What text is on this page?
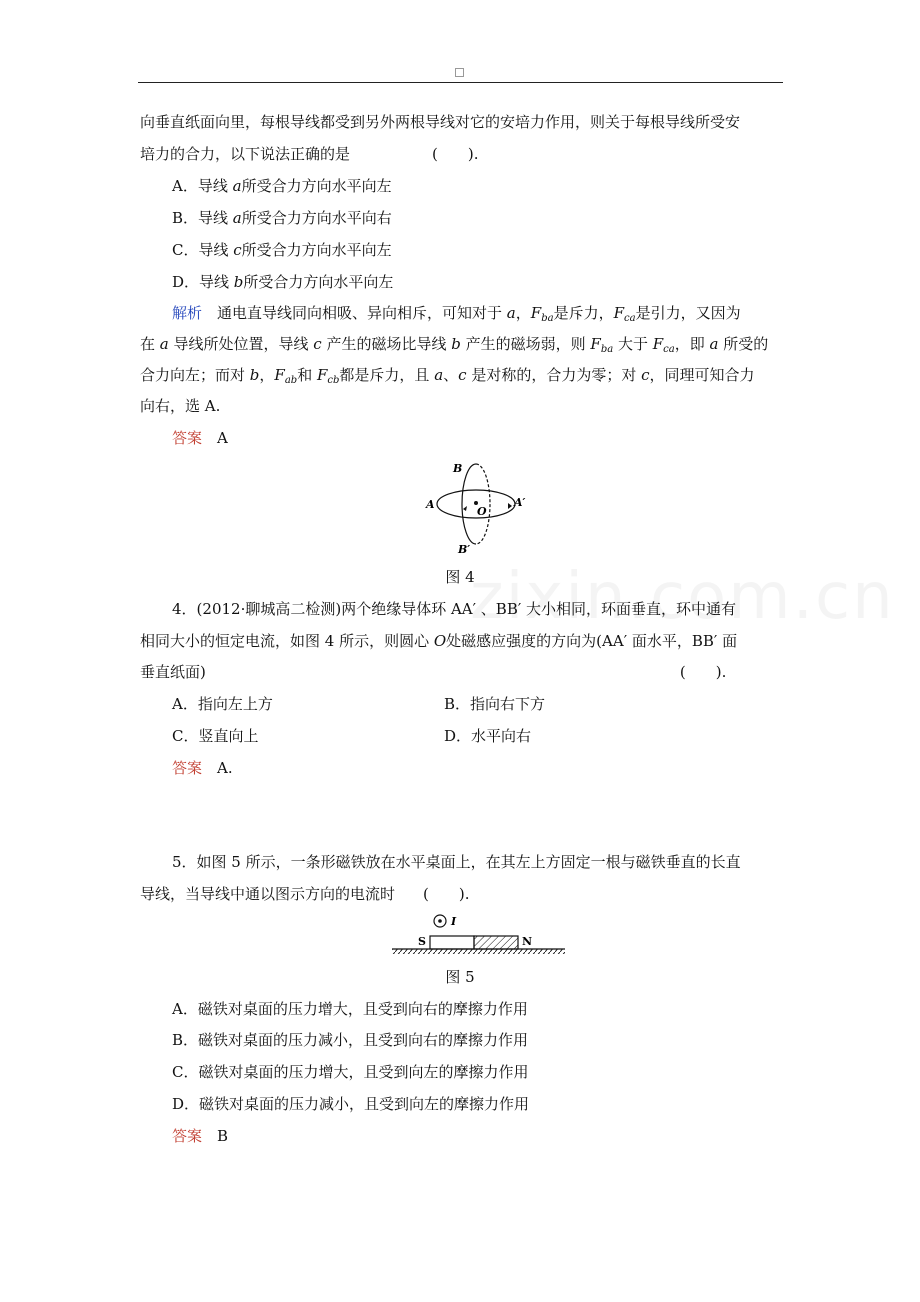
向垂直纸面向里，每根导线都受到另外两根导线对它的安培力作用，则关于每根导线所受安
培力的合力，以下说法正确的是	(　　).
A．导线 a所受合力方向水平向左
B．导线 a所受合力方向水平向右
C．导线 c所受合力方向水平向左
D．导线 b所受合力方向水平向左
解析　通电直导线同向相吸、异向相斥，可知对于 a，$F_{ba}$是斥力，$F_{ca}$是引力，又因为
在 a 导线所处位置，导线 c 产生的磁场比导线 b 产生的磁场弱，则 $F_{ba}$ 大于 $F_{ca}$，即 a 所受的
合力向左；而对 b，$F_{ab}$和 $F_{cb}$都是斥力，且 a、c 是对称的，合力为零；对 c，同理可知合力
向右，选 A.
答案　 A
B
B′
A	A′
O
图 4
4．(2012·聊城高二检测)两个绝缘导体环 AA′ 、BB′ 大小相同，环面垂直，环中通有
相同大小的恒定电流，如图 4 所示，则圆心 O处磁感应强度的方向为(AA′ 面水平，BB′ 面
垂直纸面)	(　　).
A．指向左上方	B．指向右下方
C．竖直向上	D．水平向右
答案　 A.
5．如图 5 所示，一条形磁铁放在水平桌面上，在其左上方固定一根与磁铁垂直的长直
导线，当导线中通以图示方向的电流时 (　　).
I
S	N
图 5
A．磁铁对桌面的压力增大，且受到向右的摩擦力作用
B．磁铁对桌面的压力减小，且受到向右的摩擦力作用
C．磁铁对桌面的压力增大，且受到向左的摩擦力作用
D．磁铁对桌面的压力减小，且受到向左的摩擦力作用
答案　 B
